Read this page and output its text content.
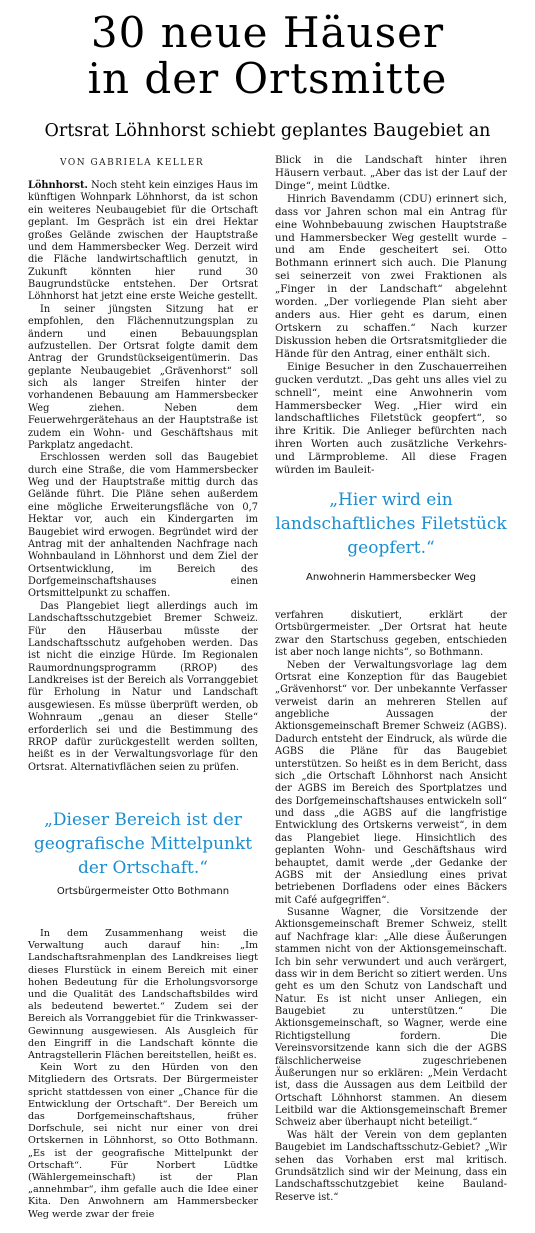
30 neue Häuser
in der Ortsmitte
Ortsrat Löhnhorst schiebt geplantes Baugebiet an
VON GABRIELA KELLER

Löhnhorst. Noch steht kein einziges Haus im künftigen Wohnpark Löhnhorst, da ist schon ein weiteres Neubaugebiet für die Ortschaft geplant. Im Gespräch ist ein drei Hektar großes Gelände zwischen der Hauptstraße und dem Hammersbecker Weg. Derzeit wird die Fläche landwirtschaftlich genutzt, in Zukunft könnten hier rund 30 Baugrundstücke entstehen. Der Ortsrat Löhnhorst hat jetzt eine erste Weiche gestellt.

In seiner jüngsten Sitzung hat er empfohlen, den Flächennutzungsplan zu ändern und einen Bebauungsplan aufzustellen. Der Ortsrat folgte damit dem Antrag der Grundstückseigentümerin. Das geplante Neubaugebiet „Grävenhorst“ soll sich als langer Streifen hinter der vorhandenen Bebauung am Hammersbecker Weg ziehen. Neben dem Feuerwehrgerätehaus an der Hauptstraße ist zudem ein Wohn- und Geschäftshaus mit Parkplatz angedacht.

Erschlossen werden soll das Baugebiet durch eine Straße, die vom Hammersbecker Weg und der Hauptstraße mittig durch das Gelände führt. Die Pläne sehen außerdem eine mögliche Erweiterungsfläche von 0,7 Hektar vor, auch ein Kindergarten im Baugebiet wird erwogen. Begründet wird der Antrag mit der anhaltenden Nachfrage nach Wohnbauland in Löhnhorst und dem Ziel der Ortsentwicklung, im Bereich des Dorfgemeinschaftshauses einen Ortsmittelpunkt zu schaffen.

Das Plangebiet liegt allerdings auch im Landschaftsschutzgebiet Bremer Schweiz. Für den Häuserbau müsste der Landschaftsschutz aufgehoben werden. Das ist nicht die einzige Hürde. Im Regionalen Raumordnungsprogramm (RROP) des Landkreises ist der Bereich als Vorranggebiet für Erholung in Natur und Landschaft ausgewiesen. Es müsse überprüft werden, ob Wohnraum „genau an dieser Stelle“ erforderlich sei und die Bestimmung des RROP dafür zurückgestellt werden sollten, heißt es in der Verwaltungsvorlage für den Ortsrat. Alternativflächen seien zu prüfen.

„Dieser Bereich ist der
geografische Mittelpunkt
der Ortschaft.“
Ortsbürgermeister Otto Bothmann

In dem Zusammenhang weist die Verwaltung auch darauf hin: „Im Landschaftsrahmenplan des Landkreises liegt dieses Flurstück in einem Bereich mit einer hohen Bedeutung für die Erholungsvorsorge und die Qualität des Landschaftsbildes wird als bedeutend bewertet.“ Zudem sei der Bereich als Vorranggebiet für die Trinkwasser-Gewinnung ausgewiesen. Als Ausgleich für den Eingriff in die Landschaft könnte die Antragstellerin Flächen bereitstellen, heißt es.

Kein Wort zu den Hürden von den Mitgliedern des Ortsrats. Der Bürgermeister spricht stattdessen von einer „Chance für die Entwicklung der Ortschaft“. Der Bereich um das Dorfgemeinschaftshaus, früher Dorfschule, sei nicht nur einer von drei Ortskernen in Löhnhorst, so Otto Bothmann. „Es ist der geografische Mittelpunkt der Ortschaft“. Für Norbert Lüdtke (Wählergemeinschaft) ist der Plan „annehmbar“, ihm gefalle auch die Idee einer Kita. Den Anwohnern am Hammersbecker Weg werde zwar der freie

Blick in die Landschaft hinter ihren Häusern verbaut. „Aber das ist der Lauf der Dinge“, meint Lüdtke.

Hinrich Bavendamm (CDU) erinnert sich, dass vor Jahren schon mal ein Antrag für eine Wohnbebauung zwischen Hauptstraße und Hammersbecker Weg gestellt wurde – und am Ende gescheitert sei. Otto Bothmann erinnert sich auch. Die Planung sei seinerzeit von zwei Fraktionen als „Finger in der Landschaft“ abgelehnt worden. „Der vorliegende Plan sieht aber anders aus. Hier geht es darum, einen Ortskern zu schaffen.“ Nach kurzer Diskussion heben die Ortsratsmitglieder die Hände für den Antrag, einer enthält sich.

Einige Besucher in den Zuschauerreihen gucken verdutzt. „Das geht uns alles viel zu schnell“, meint eine Anwohnerin vom Hammersbecker Weg. „Hier wird ein landschaftliches Filetstück geopfert“, so ihre Kritik. Die Anlieger befürchten nach ihren Worten auch zusätzliche Verkehrs- und Lärmprobleme. All diese Fragen würden im Bauleit-

„Hier wird ein
landschaftliches Filetstück
geopfert.“
Anwohnerin Hammersbecker Weg

verfahren diskutiert, erklärt der Ortsbürgermeister. „Der Ortsrat hat heute zwar den Startschuss gegeben, entschieden ist aber noch lange nichts“, so Bothmann.

Neben der Verwaltungsvorlage lag dem Ortsrat eine Konzeption für das Baugebiet „Grävenhorst“ vor. Der unbekannte Verfasser verweist darin an mehreren Stellen auf angebliche Aussagen der Aktionsgemeinschaft Bremer Schweiz (AGBS). Dadurch entsteht der Eindruck, als würde die AGBS die Pläne für das Baugebiet unterstützen. So heißt es in dem Bericht, dass sich „die Ortschaft Löhnhorst nach Ansicht der AGBS im Bereich des Sportplatzes und des Dorfgemeinschaftshauses entwickeln soll“ und dass „die AGBS auf die langfristige Entwicklung des Ortskerns verweist“, in dem das Plangebiet liege. Hinsichtlich des geplanten Wohn- und Geschäftshaus wird behauptet, damit werde „der Gedanke der AGBS mit der Ansiedlung eines privat betriebenen Dorfladens oder eines Bäckers mit Café aufgegriffen“.

Susanne Wagner, die Vorsitzende der Aktionsgemeinschaft Bremer Schweiz, stellt auf Nachfrage klar: „Alle diese Äußerungen stammen nicht von der Aktionsgemeinschaft. Ich bin sehr verwundert und auch verärgert, dass wir in dem Bericht so zitiert werden. Uns geht es um den Schutz von Landschaft und Natur. Es ist nicht unser Anliegen, ein Baugebiet zu unterstützen.“ Die Aktionsgemeinschaft, so Wagner, werde eine Richtigstellung fordern. Die Vereinsvorsitzende kann sich die der AGBS fälschlicherweise zugeschriebenen Äußerungen nur so erklären: „Mein Verdacht ist, dass die Aussagen aus dem Leitbild der Ortschaft Löhnhorst stammen. An diesem Leitbild war die Aktionsgemeinschaft Bremer Schweiz aber überhaupt nicht beteiligt.“

Was hält der Verein von dem geplanten Baugebiet im Landschaftsschutz-Gebiet? „Wir sehen das Vorhaben erst mal kritisch. Grundsätzlich sind wir der Meinung, dass ein Landschaftsschutzgebiet keine Bauland-Reserve ist.“
